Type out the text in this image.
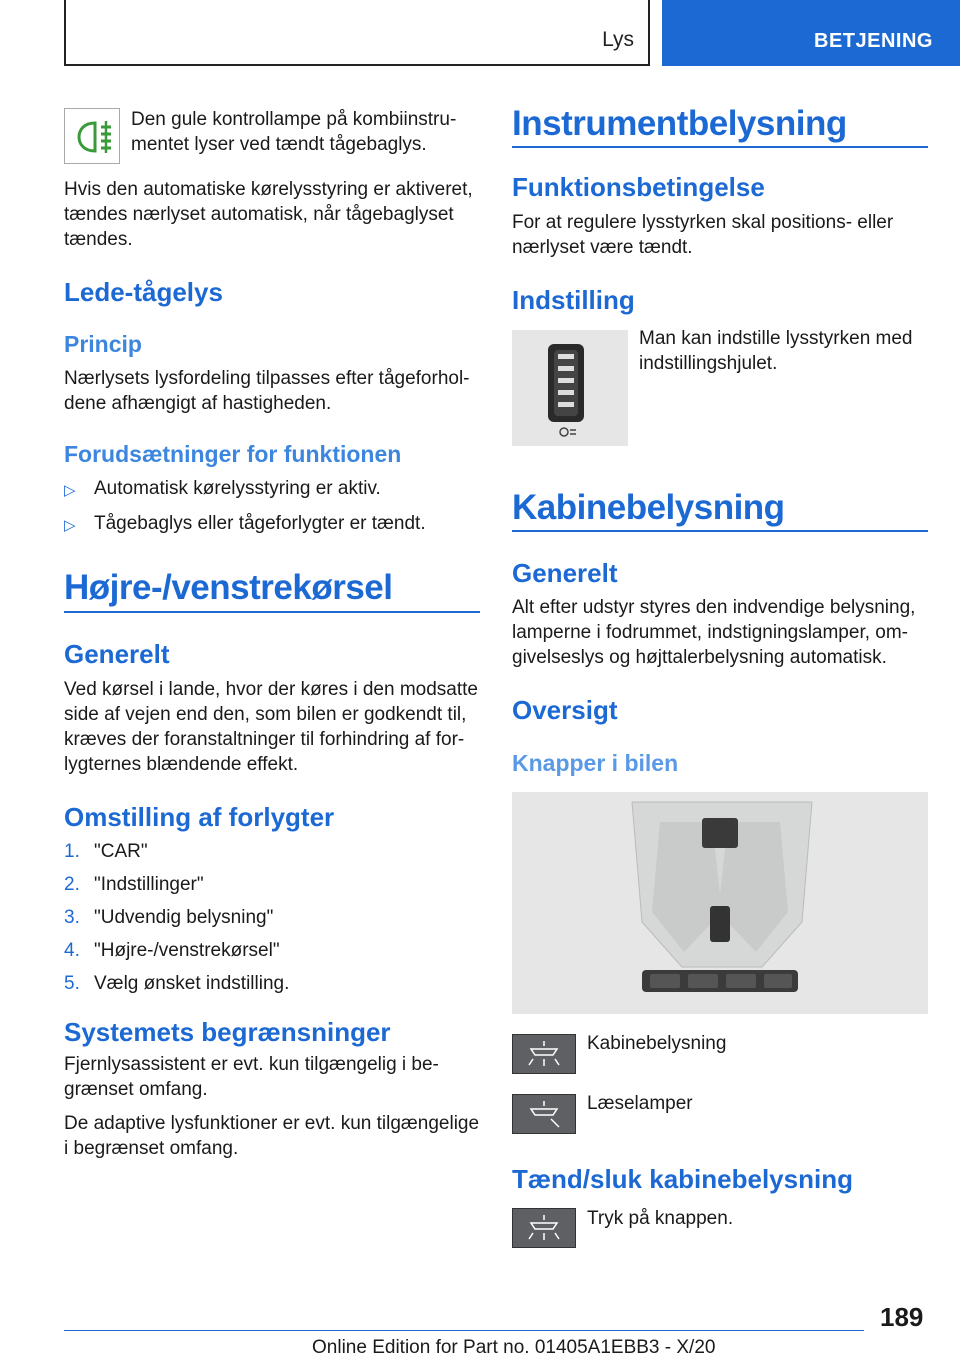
Lys	BETJENING

Den gule kontrollampe på kombiinstru-
mentet lyser ved tændt tågebaglys.

Hvis den automatiske kørelysstyring er aktiveret,
tændes nærlyset automatisk, når tågebaglyset
tændes.

Lede-tågelys
Princip

Nærlysets lysfordeling tilpasses efter tågeforhol-
dene afhængigt af hastigheden.

Forudsætninger for funktionen
▷ Automatisk kørelysstyring er aktiv.
▷ Tågebaglys eller tågeforlygter er tændt.
Højre-/venstrekørsel
Generelt

Ved kørsel i lande, hvor der køres i den modsatte
side af vejen end den, som bilen er godkendt til,
kræves der foranstaltninger til forhindring af for-
lygternes blændende effekt.

Omstilling af forlygter
1. "CAR"
2. "Indstillinger"
3. "Udvendig belysning"
4. "Højre-/venstrekørsel"
5. Vælg ønsket indstilling.
Systemets begrænsninger

Fjernlysassistent er evt. kun tilgængelig i be-
grænset omfang.

De adaptive lysfunktioner er evt. kun tilgængelige
i begrænset omfang.

Instrumentbelysning
Funktionsbetingelse

For at regulere lysstyrken skal positions- eller
nærlyset være tændt.

Indstilling

Man kan indstille lysstyrken med
indstillingshjulet.

Kabinebelysning
Generelt

Alt efter udstyr styres den indvendige belysning,
lamperne i fodrummet, indstigningslamper, om-
givelseslys og højttalerbelysning automatisk.

Oversigt
Knapper i bilen

Kabinebelysning

Læselamper

Tænd/sluk kabinebelysning

Tryk på knappen.

189
Online Edition for Part no. 01405A1EBB3 - X/20
